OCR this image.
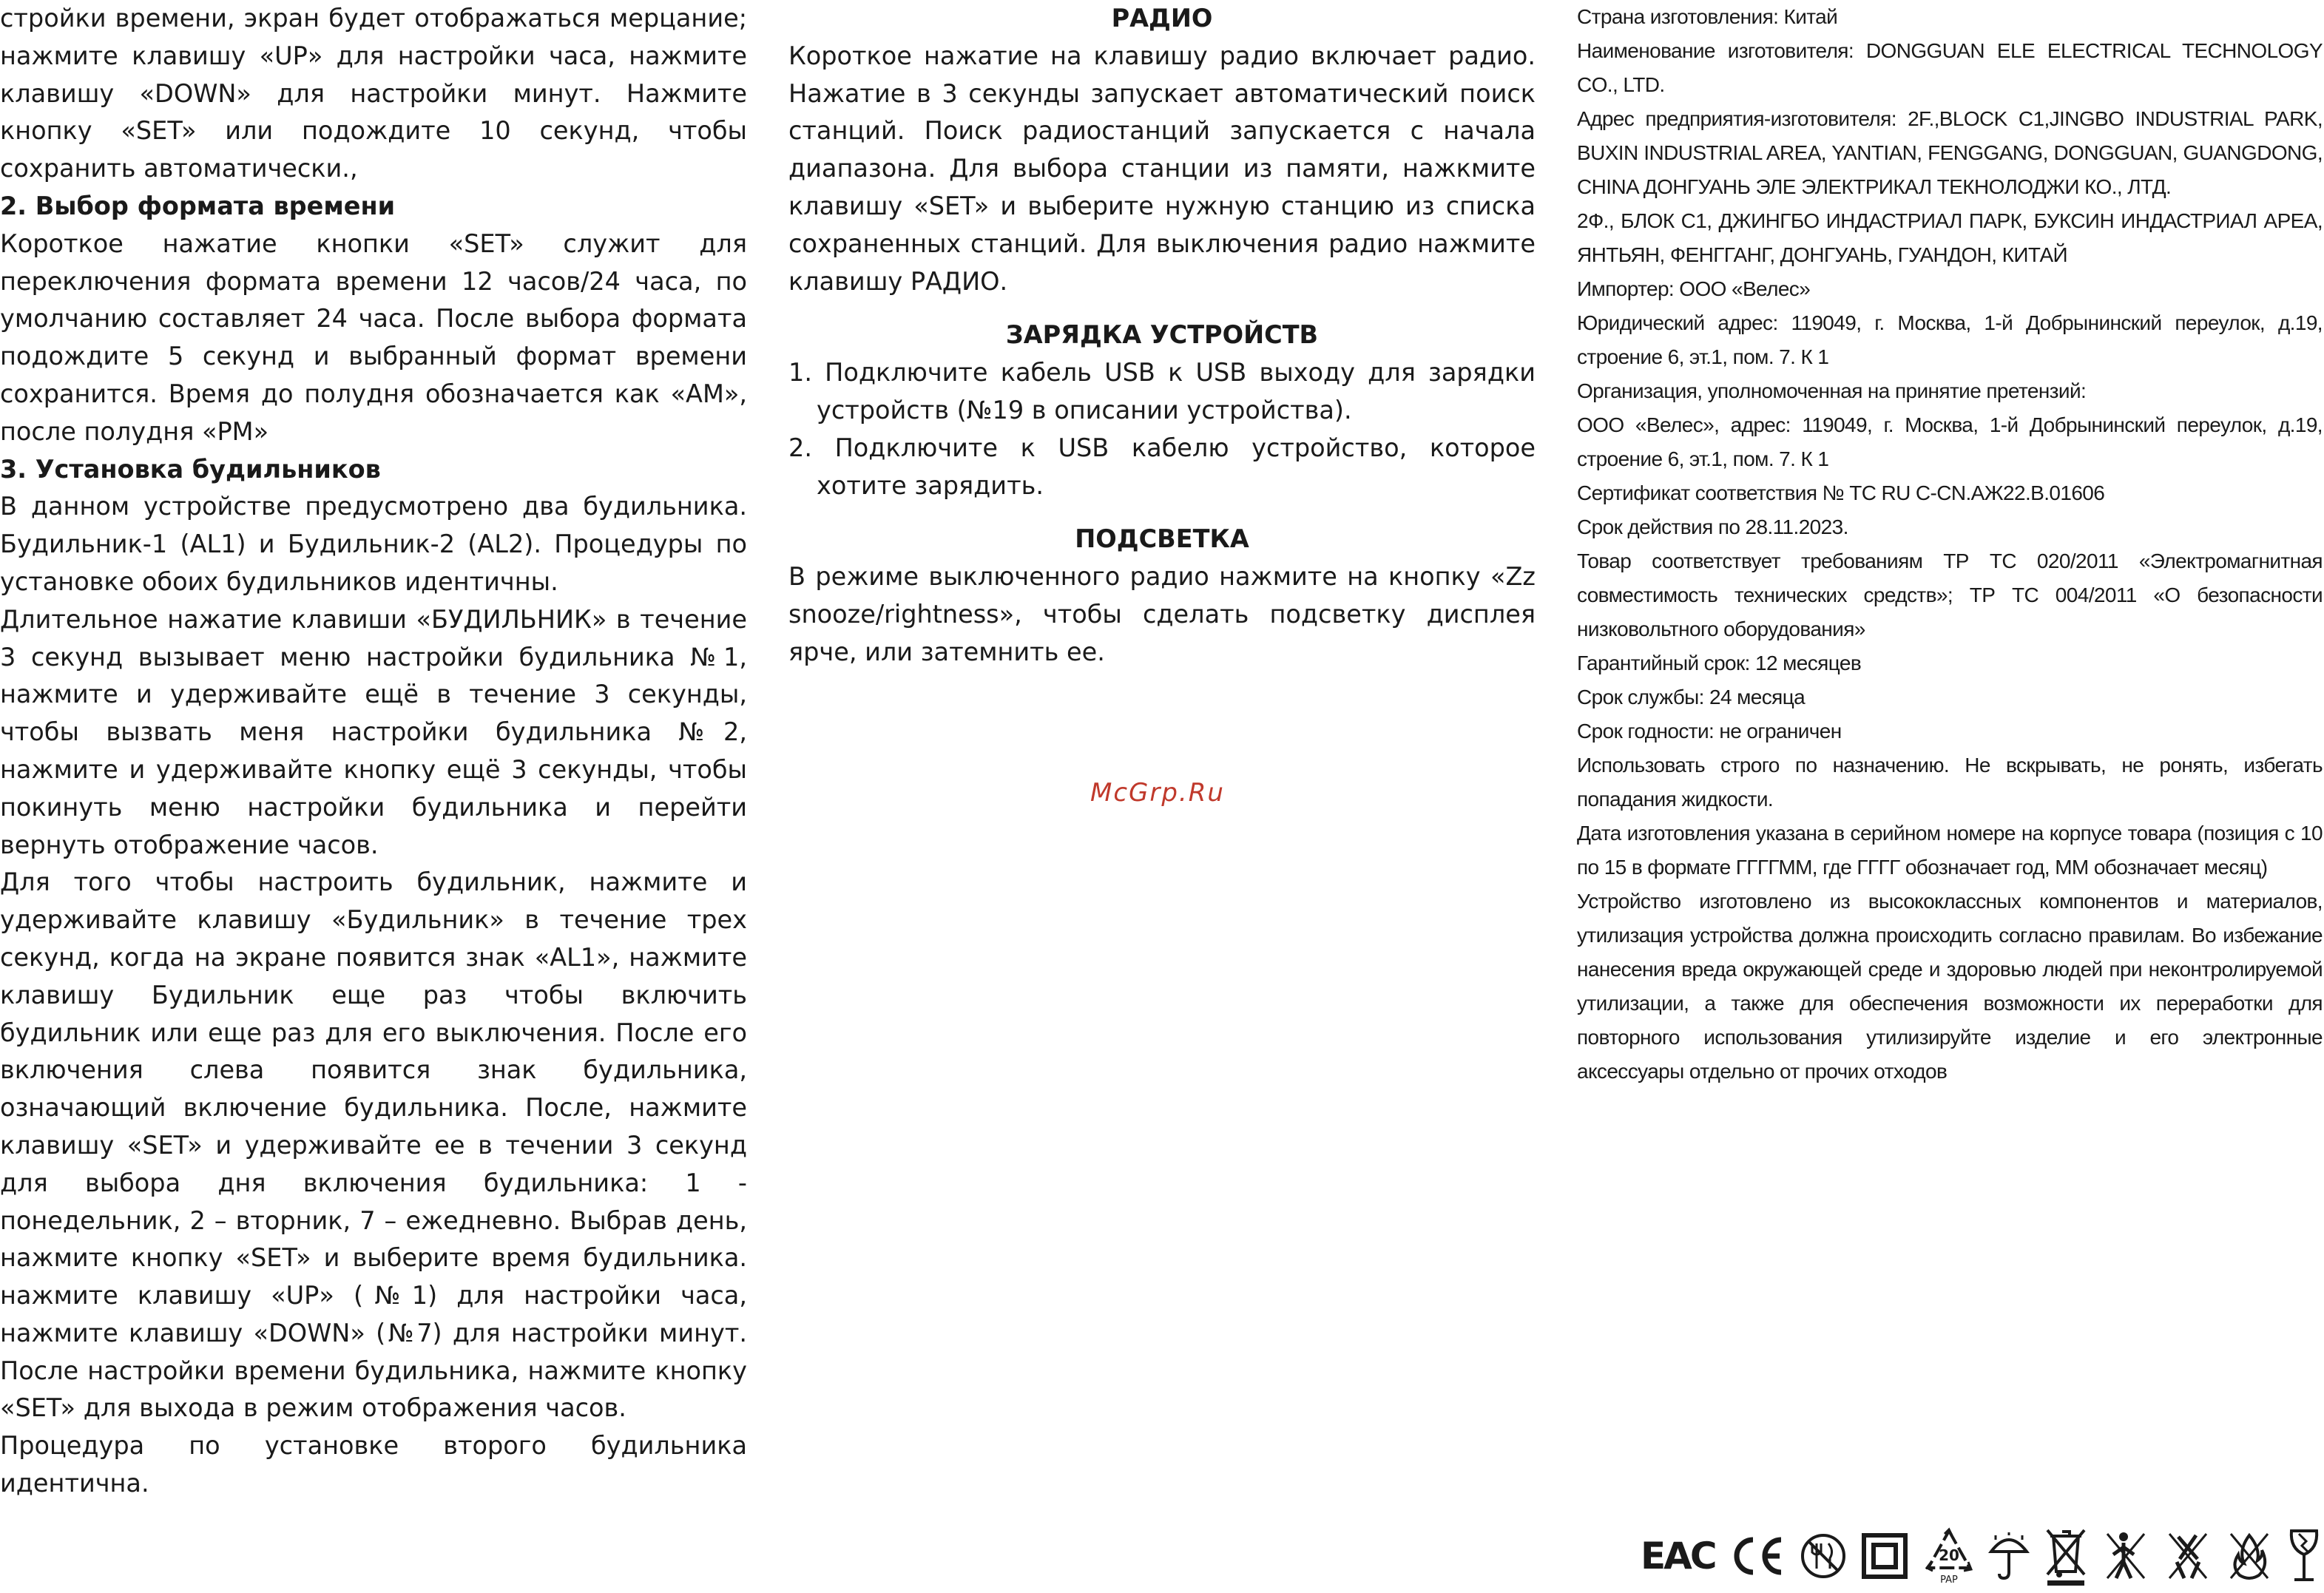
стройки времени, экран будет отображаться мерцание; нажмите клавишу «UP» для настройки часа, нажмите клавишу «DOWN» для настройки минут. Нажмите кнопку «SET» или подождите 10 секунд, чтобы сохранить автоматически.,

2. Выбор формата времени

Короткое нажатие кнопки «SET» служит для переключения формата времени 12 часов/24 часа, по умолчанию составляет 24 часа. После выбора формата подождите 5 секунд и выбранный формат времени сохранится. Время до полудня обозначается как «AM», после полудня «PM»

3. Установка будильников

В данном устройстве предусмотрено два будильника. Будильник-1 (AL1) и Будильник-2 (AL2). Процедуры по установке обоих будильников идентичны.

Длительное нажатие клавиши «БУДИЛЬНИК» в течение 3 секунд вызывает меню настройки будильника №1, нажмите и удерживайте ещё в течение 3 секунды, чтобы вызвать меня настройки будильника №2, нажмите и удерживайте кнопку ещё 3 секунды, чтобы покинуть меню настройки будильника и перейти вернуть отображение часов.

Для того чтобы настроить будильник, нажмите и удерживайте клавишу «Будильник» в течение трех секунд, когда на экране появится знак «AL1», нажмите клавишу Будильник еще раз чтобы включить будильник или еще раз для его выключения. После его включения слева появится знак будильника, означающий включение будильника. После, нажмите клавишу «SET» и удерживайте ее в течении 3 секунд для выбора дня включения будильника: 1 - понедельник, 2 – вторник, 7 – ежедневно. Выбрав день, нажмите кнопку «SET» и выберите время будильника. нажмите клавишу «UP» (№1) для настройки часа, нажмите клавишу «DOWN» (№7) для настройки минут. После настройки времени будильника, нажмите кнопку «SET» для выхода в режим отображения часов.

Процедура по установке второго будильника идентична.

РАДИО

Короткое нажатие на клавишу радио включает радио. Нажатие в 3 секунды запускает автоматический поиск станций. Поиск радиостанций запускается с начала диапазона. Для выбора станции из памяти, нажкмите клавишу «SET» и выберите нужную станцию из списка сохраненных станций. Для выключения радио нажмите клавишу РАДИО.

ЗАРЯДКА УСТРОЙСТВ
1. Подключите кабель USB к USB выходу для зарядки устройств (№19 в описании устройства).
2. Подключите к USB кабелю устройство, которое хотите зарядить.
ПОДСВЕТКА

В режиме выключенного радио нажмите на кнопку «Zz snooze/rightness», чтобы сделать подсветку дисплея ярче, или затемнить ее.

McGrp.Ru

Страна изготовления: Китай

Наименование изготовителя: DONGGUAN ELE ELECTRICAL TECHNOLOGY CO., LTD.

Адрес предприятия-изготовителя: 2F.,BLOCK C1,JINGBO INDUSTRIAL PARK, BUXIN INDUSTRIAL AREA, YANTIAN, FENGGANG, DONGGUAN, GUANGDONG, CHINA ДОНГУАНЬ ЭЛЕ ЭЛЕКТРИКАЛ ТЕКНОЛОДЖИ КО., ЛТД.

2Ф., БЛОК С1, ДЖИНГБО ИНДАСТРИАЛ ПАРК, БУКСИН ИНДАСТРИАЛ АРЕА, ЯНТЬЯН, ФЕНГГАНГ, ДОНГУАНЬ, ГУАНДОН, КИТАЙ

Импортер: ООО «Велес»

Юридический адрес: 119049, г. Москва, 1-й Добрынинский переулок, д.19, строение 6, эт.1, пом. 7. К 1

Организация, уполномоченная на принятие претензий:

ООО «Велес», адрес: 119049, г. Москва, 1-й Добрынинский переулок, д.19, строение 6, эт.1, пом. 7. К 1

Сертификат соответствия № TC RU C-CN.АЖ22.В.01606

Срок действия по 28.11.2023.

Товар соответствует требованиям ТР ТС 020/2011 «Электромагнитная совместимость технических средств»; ТР ТС 004/2011 «О безопасности низковольтного оборудования»

Гарантийный срок: 12 месяцев

Срок службы: 24 месяца

Срок годности: не ограничен

Использовать строго по назначению. Не вскрывать, не ронять, избегать попадания жидкости.

Дата изготовления указана в серийном номере на корпусе товара (позиция с 10 по 15 в формате ГГГГММ, где ГГГГ обозначает год, ММ обозначает месяц)

Устройство изготовлено из высококлассных компонентов и материалов, утилизация устройства должна происходить согласно правилам. Во избежание нанесения вреда окружающей среде и здоровью людей при неконтролируемой утилизации, а также для обеспечения возможности их переработки для повторного использования утилизируйте изделие и его электронные аксессуары отдельно от прочих отходов

ЕАС	20
PAP
